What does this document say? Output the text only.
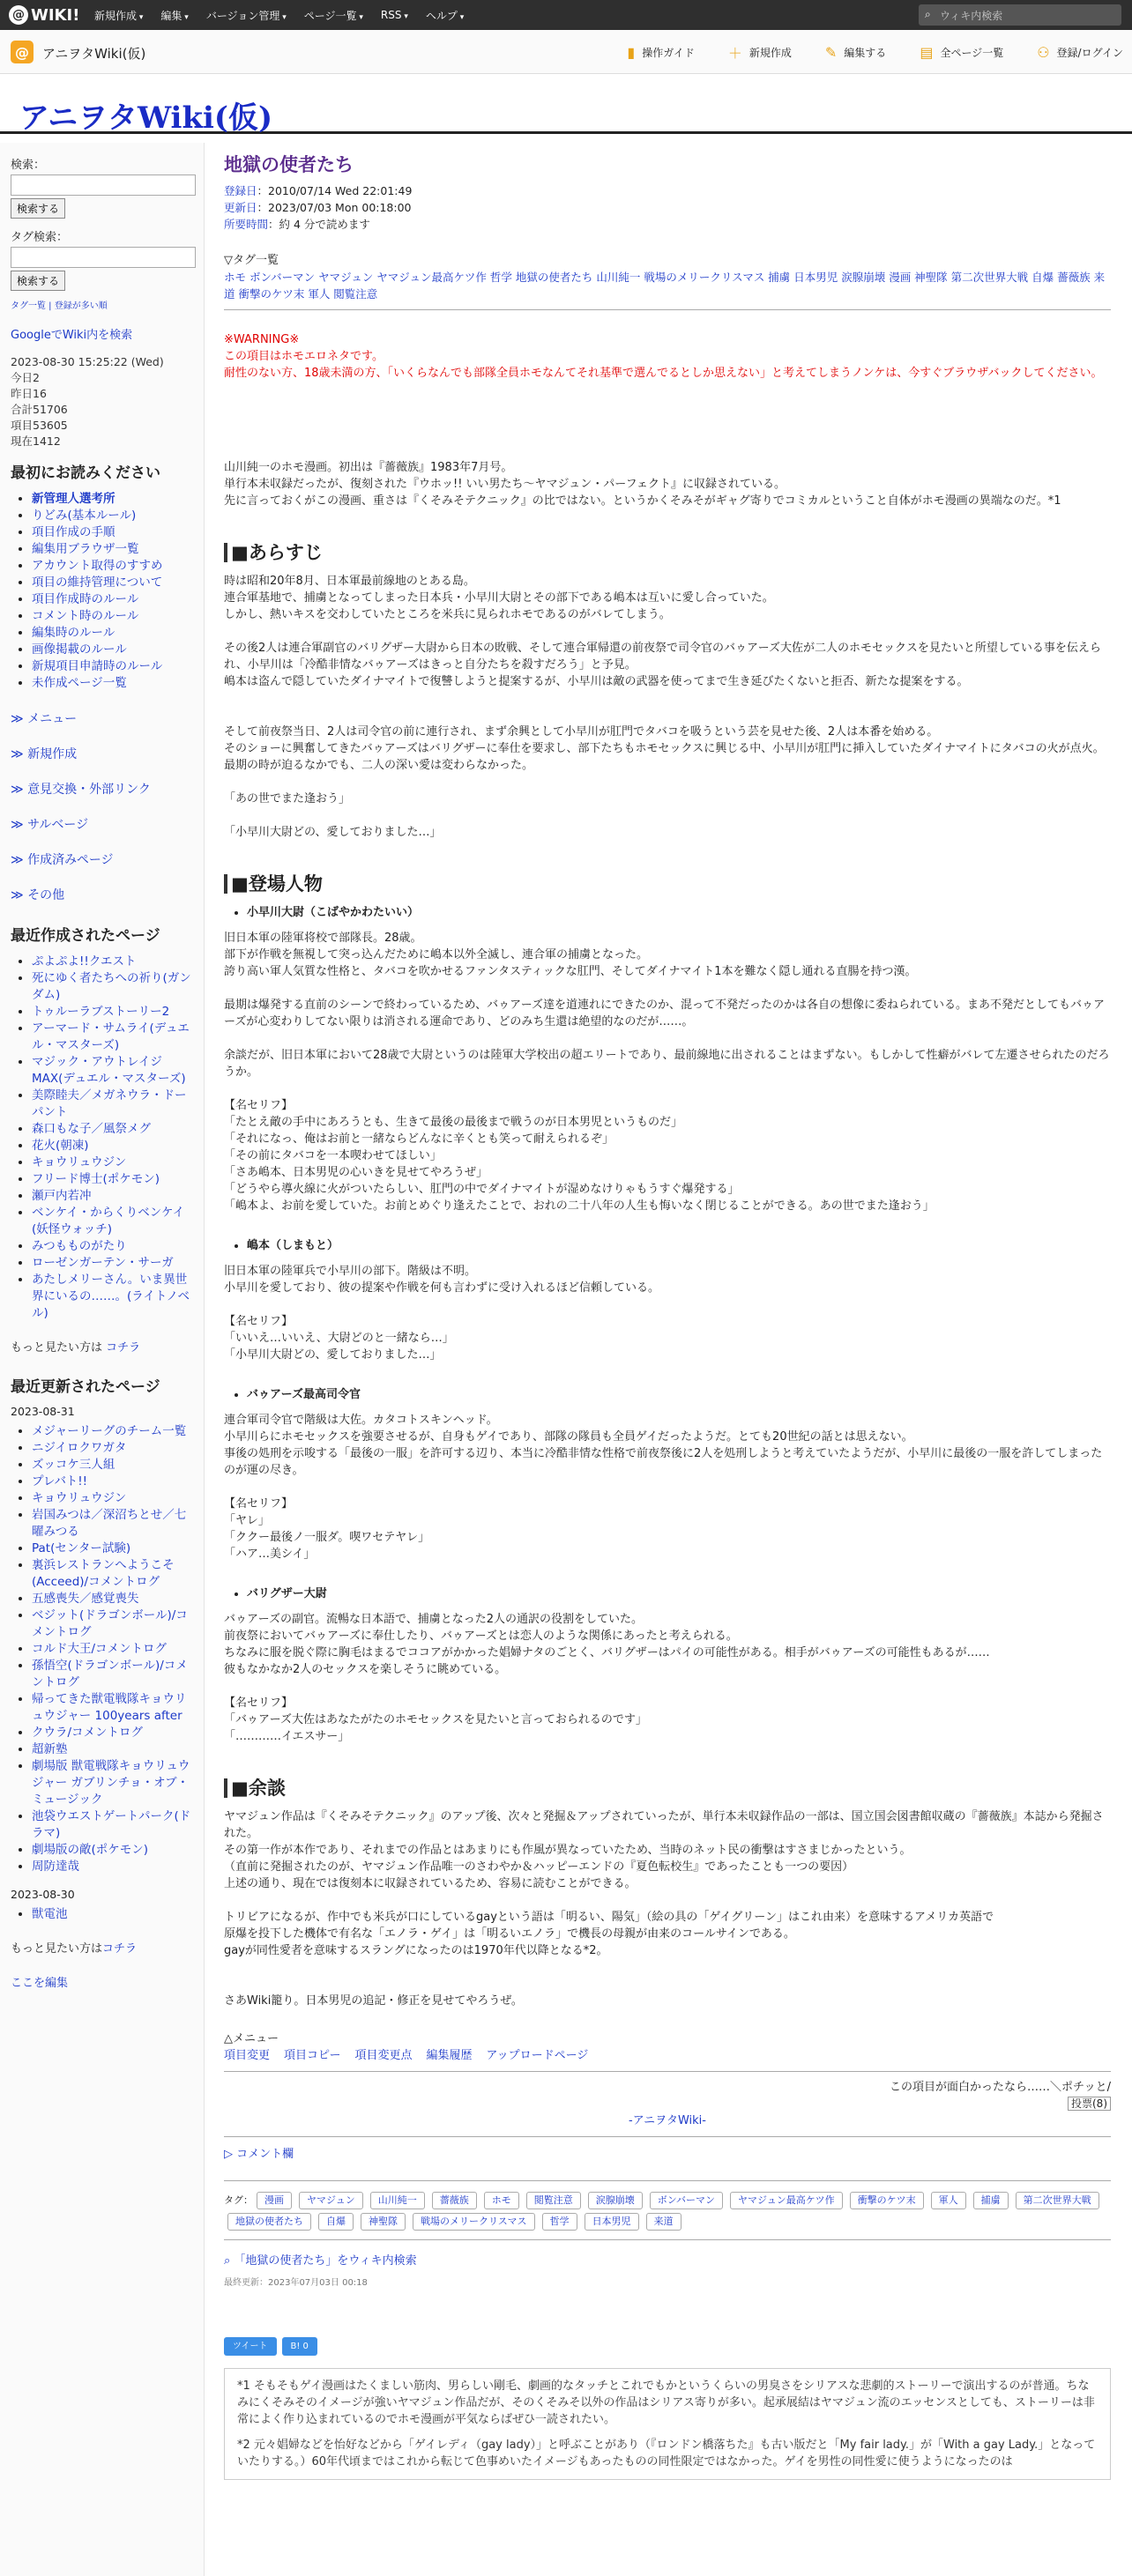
@ WIKI! 新規作成 ▾	編集 ▾	バージョン管理 ▾	ページ一覧 ▾	RSS ▾	ヘルプ ▾	⌕ ウィキ内検索
@	アニヲタWiki(仮)	▮ 操作ガイド ＋ 新規作成 ✎ 編集する ▤ 全ページ一覧 ⚇ 登録/ログイン
アニヲタWiki(仮)
検索：
検索する
タグ検索：
検索する
タグ一覧 | 登録が多い順
GoogleでWiki内を検索
2023-08-30 15:25:22 (Wed)
今日2
昨日16
合計51706
項目53605
現在1412
最初にお読みください
• 新管理人選考所
• りどみ(基本ルール)
• 項目作成の手順
• 編集用ブラウザ一覧
• アカウント取得のすすめ
• 項目の維持管理について
• 項目作成時のルール
• コメント時のルール
• 編集時のルール
• 画像掲載のルール
• 新規項目申請時のルール
• 未作成ページ一覧
≫ メニュー
≫ 新規作成
≫ 意見交換・外部リンク
≫ サルベージ
≫ 作成済みページ
≫ その他
最近作成されたページ
• ぷよぷよ!!クエスト
• 死にゆく者たちへの祈り(ガンダム)
• トゥルーラブストーリー2
• アーマード・サムライ(デュエル・マスターズ)
• マジック・アウトレイジMAX(デュエル・マスターズ)
• 美際睦夫／メガネウラ・ドーパント
• 森口もな子／風祭メグ
• 花火(朝凍)
• キョウリュウジン
• フリード博士(ポケモン)
• 瀬戸内若冲
• ベンケイ・からくりベンケイ(妖怪ウォッチ)
• みつもものがたり
• ローゼンガーテン・サーガ
• あたしメリーさん。いま異世界にいるの……。(ライトノベル)
もっと見たい方は コチラ
最近更新されたページ
2023-08-31
• メジャーリーグのチーム一覧
• ニジイロクワガタ
• ズッコケ三人組
• プレバト!!
• キョウリュウジン
• 岩国みつは／深沼ちとせ／七曜みつる
• Pat(センター試験)
• 裏浜レストランへようこそ(Acceed)/コメントログ
• 五感喪失／感覚喪失
• ベジット(ドラゴンボール)/コメントログ
• コルド大王/コメントログ
• 孫悟空(ドラゴンボール)/コメントログ
• 帰ってきた獣電戦隊キョウリュウジャー 100years after
• クウラ/コメントログ
• 超新塾
• 劇場版 獣電戦隊キョウリュウジャー ガブリンチョ・オブ・ミュージック
• 池袋ウエストゲートパーク(ドラマ)
• 劇場版の敵(ポケモン)
• 周防達哉
2023-08-30
• 獣電池
もっと見たい方はコチラ
ここを編集
地獄の使者たち
登録日：2010/07/14 Wed 22:01:49
更新日：2023/07/03 Mon 00:18:00
所要時間：約 4 分で読めます
▽タグ一覧
ホモ ボンバーマン ヤマジュン ヤマジュン最高ケツ作 哲学 地獄の使者たち 山川純一 戦場のメリークリスマス 捕虜 日本男児 涙腺崩壊 漫画 神聖隊 第二次世界大戦 自爆 薔薇族 来道 衝撃のケツ末 軍人 閲覧注意
※WARNING※
この項目はホモエロネタです。
耐性のない方、18歳未満の方、「いくらなんでも部隊全員ホモなんてそれ基準で選んでるとしか思えない」と考えてしまうノンケは、今すぐブラウザバックしてください。
山川純一のホモ漫画。初出は『薔薇族』1983年7月号。
単行本未収録だったが、復刻された『ウホッ!! いい男たち〜ヤマジュン・パーフェクト』に収録されている。
先に言っておくがこの漫画、重さは『くそみそテクニック』の比ではない。というかくそみそがギャグ寄りでコミカルということ自体がホモ漫画の異端なのだ。*1
■あらすじ
時は昭和20年8月、日本軍最前線地のとある島。
連合軍基地で、捕虜となってしまった日本兵・小早川大尉とその部下である嶋本は互いに愛し合っていた。
しかし、熱いキスを交わしていたところを米兵に見られホモであるのがバレてしまう。
その後2人は連合軍副官のバリグザー大尉から日本の敗戦、そして連合軍帰還の前夜祭で司令官のバゥアーズ大佐が二人のホモセックスを見たいと所望している事を伝えられ、小早川は「冷酷非情なバゥアーズはきっと自分たちを殺すだろう」と予見。
嶋本は盗んで隠していたダイナマイトで復讐しようと提案するが、小早川は敵の武器を使ってまで生き延びたくないと拒否、新たな提案をする。
そして前夜祭当日、2人は司令官の前に連行され、まず余興として小早川が肛門でタバコを吸うという芸を見せた後、2人は本番を始める。
そのショーに興奮してきたバゥアーズはバリグザーに奉仕を要求し、部下たちもホモセックスに興じる中、小早川が肛門に挿入していたダイナマイトにタバコの火が点火。
最期の時が迫るなかでも、二人の深い愛は変わらなかった。
「あの世でまた逢おう」
「小早川大尉どの、愛しておりました…」
■登場人物
• 小早川大尉（こばやかわたいい）
旧日本軍の陸軍将校で部隊長。28歳。
部下が作戦を無視して突っ込んだために嶋本以外全滅し、連合軍の捕虜となった。
誇り高い軍人気質な性格と、タバコを吹かせるファンタスティックな肛門、そしてダイナマイト1本を難なく隠し通れる直腸を持つ漢。
最期は爆発する直前のシーンで終わっているため、バゥアーズ達を道連れにできたのか、混って不発だったのかは各自の想像に委ねられている。まあ不発だとしてもバゥアーズが心変わりしてない限りは消される運命であり、どのみち生還は絶望的なのだが……。
余談だが、旧日本軍において28歳で大尉というのは陸軍大学校出の超エリートであり、最前線地に出されることはまずない。もしかして性癖がバレて左遷させられたのだろうか。
【名セリフ】
「たとえ敵の手中にあろうとも、生きて最後の最後まで戦うのが日本男児というものだ」
「それになっ、俺はお前と一緒ならどんなに辛くとも笑って耐えられるぞ」
「その前にタバコを一本喫わせてほしい」
「さあ嶋本、日本男児の心いきを見せてやろうぜ」
「どうやら導火線に火がついたらしい、肛門の中でダイナマイトが湿めなけりゃもうすぐ爆発する」
「嶋本よ、お前を愛していた。お前とめぐり逢えたことで、おれの二十八年の人生も悔いなく閉じることができる。あの世でまた逢おう」
• 嶋本（しまもと）
旧日本軍の陸軍兵で小早川の部下。階級は不明。
小早川を愛しており、彼の提案や作戦を何も言わずに受け入れるほど信頼している。
【名セリフ】
「いいえ…いいえ、大尉どのと一緒なら…」
「小早川大尉どの、愛しておりました…」
• バゥアーズ最高司令官
連合軍司令官で階級は大佐。カタコトスキンヘッド。
小早川らにホモセックスを強要させるが、自身もゲイであり、部隊の隊員も全員ゲイだったようだ。とても20世紀の話とは思えない。
事後の処刑を示唆する「最後の一服」を許可する辺り、本当に冷酷非情な性格で前夜祭後に2人を処刑しようと考えていたようだが、小早川に最後の一服を許してしまったのが運の尽き。
【名セリフ】
「ヤレ」
「ククー最後ノ一服ダ。喫ワセテヤレ」
「ハア…美シイ」
• バリグザー大尉
バゥアーズの副官。流暢な日本語で、捕虜となった2人の通訳の役割をしていた。
前夜祭においてバゥアーズに奉仕したり、バゥアーズとは恋人のような関係にあったと考えられる。
ちなみに服を脱ぐ際に胸毛はまるでココアがかかった娼婦ナタのごとく、バリグザーはパイの可能性がある。相手がバゥアーズの可能性もあるが……
彼もなかなか2人のセックスを楽しそうに眺めている。
【名セリフ】
「バゥアーズ大佐はあなたがたのホモセックスを見たいと言っておられるのです」
「…………イエスサー」
■余談
ヤマジュン作品は『くそみそテクニック』のアップ後、次々と発掘＆アップされていったが、単行本未収録作品の一部は、国立国会図書館収蔵の『薔薇族』本誌から発掘された。
その第一作が本作であり、それまでの作品とはあまりにも作風が異なっていたため、当時のネット民の衝撃はすさまじかったという。
（直前に発掘されたのが、ヤマジュン作品唯一のさわやか＆ハッピーエンドの『夏色転校生』であったことも一つの要因）
上述の通り、現在では復刻本に収録されているため、容易に読むことができる。
トリビアになるが、作中でも米兵が口にしているgayという語は「明るい、陽気」（絵の具の「ゲイグリーン」はこれ由来）を意味するアメリカ英語で
原爆を投下した機体で有名な「エノラ・ゲイ」は「明るいエノラ」で機長の母親が由来のコールサインである。
gayが同性愛者を意味するスラングになったのは1970年代以降となる*2。
さあWiki籠り。日本男児の追記・修正を見せてやろうぜ。
△メニュー
項目変更 項目コピー 項目変更点 編集履歴 アップロードページ
この項目が面白かったなら……＼ポチッと/
投票(8)
-アニヲタWiki-
▷ コメント欄
タグ： 漫画 ヤマジュン 山川純一 薔薇族 ホモ 閲覧注意 涙腺崩壊 ボンバーマン ヤマジュン最高ケツ作 衝撃のケツ末 軍人 捕虜 第二次世界大戦地獄の使者たち 自爆 神聖隊 戦場のメリークリスマス 哲学 日本男児 来道
⌕ 「地獄の使者たち」をウィキ内検索
最終更新：2023年07月03日 00:18
ツイート	B! 0
*1 そもそもゲイ漫画はたくましい筋肉、男らしい剛毛、劇画的なタッチとこれでもかというくらいの男臭さをシリアスな悲劇的ストーリーで演出するのが普通。ちなみにくそみそのイメージが強いヤマジュン作品だが、そのくそみそ以外の作品はシリアス寄りが多い。起承展結はヤマジュン流のエッセンスとしても、ストーリーは非常によく作り込まれているのでホモ漫画が平気ならばぜひ一読されたい。
*2 元々娼婦などを怡好などから「ゲイレディ（gay lady）」と呼ぶことがあり（『ロンドン橋落ちた』も古い版だと「My fair lady.」が「With a gay Lady.」となっていたりする。）60年代頃まではこれから転じて色事めいたイメージもあったものの同性限定ではなかった。ゲイを男性の同性愛に使うようになったのは
